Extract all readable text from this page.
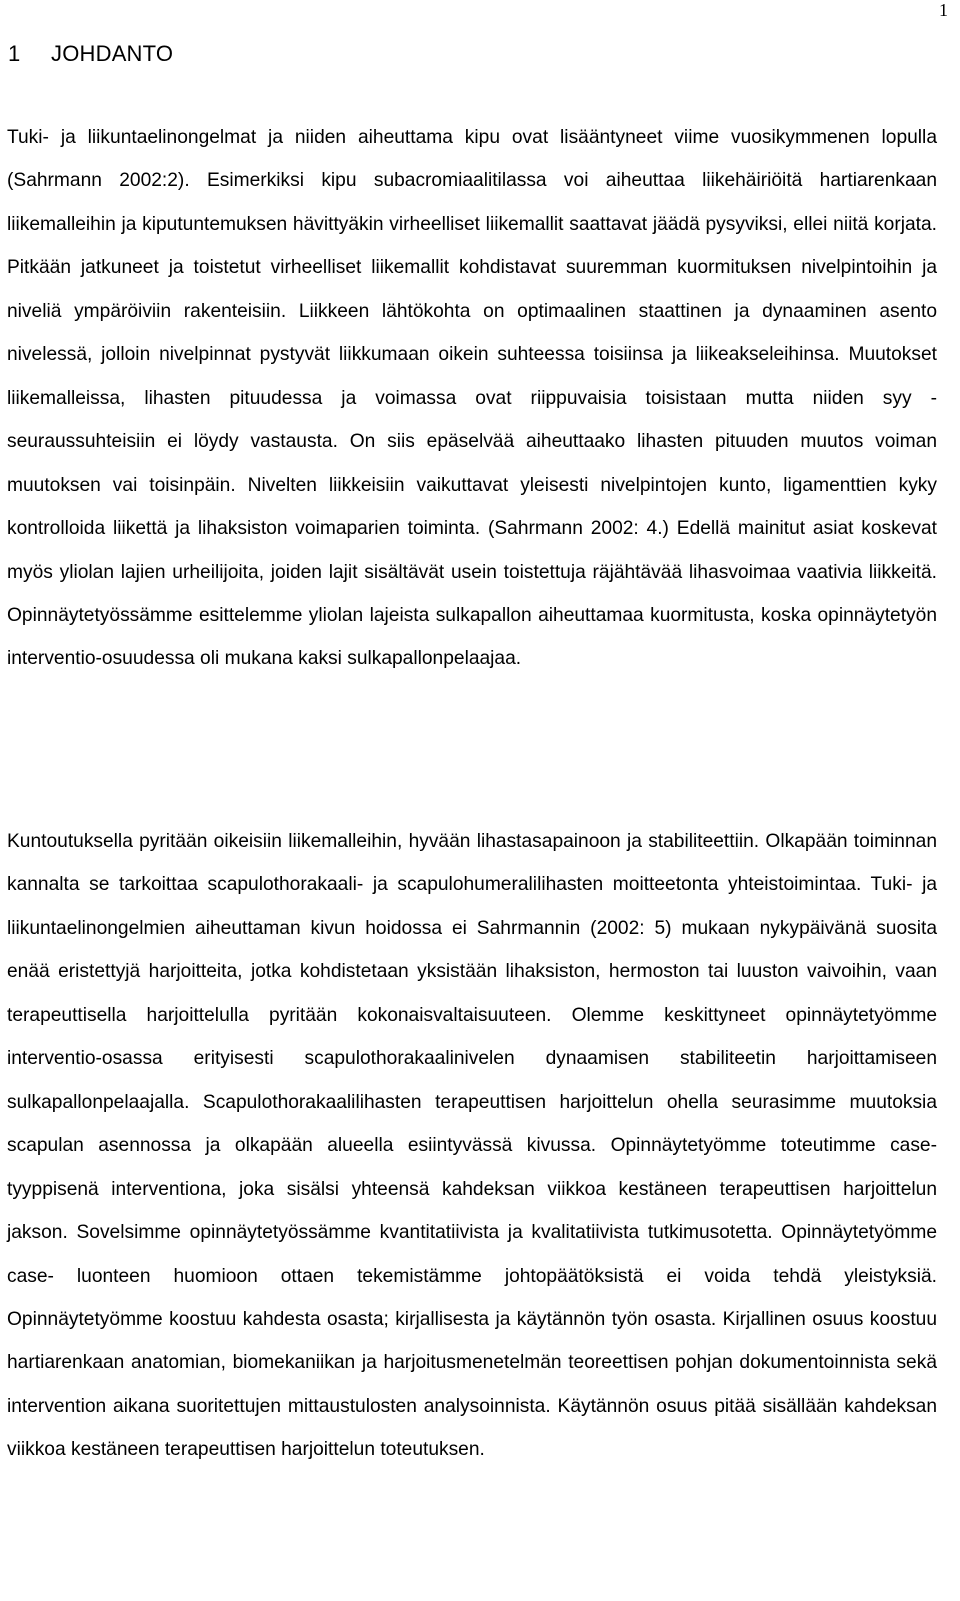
1
1 JOHDANTO

Tuki- ja liikuntaelinongelmat ja niiden aiheuttama kipu ovat lisääntyneet viime vuosikymmenen lopulla (Sahrmann 2002:2). Esimerkiksi kipu subacromiaalitilassa voi aiheuttaa liikehäiriöitä hartiarenkaan liikemalleihin ja kiputuntemuksen hävittyäkin virheelliset liikemallit saattavat jäädä pysyviksi, ellei niitä korjata. Pitkään jatkuneet ja toistetut virheelliset liikemallit kohdistavat suuremman kuormituksen nivelpintoihin ja niveliä ympäröiviin rakenteisiin. Liikkeen lähtökohta on optimaalinen staattinen ja dynaaminen asento nivelessä, jolloin nivelpinnat pystyvät liikkumaan oikein suhteessa toisiinsa ja liikeakseleihinsa. Muutokset liikemalleissa, lihasten pituudessa ja voimassa ovat riippuvaisia toisistaan mutta niiden syy - seuraussuhteisiin ei löydy vastausta. On siis epäselvää aiheuttaako lihasten pituuden muutos voiman muutoksen vai toisinpäin. Nivelten liikkeisiin vaikuttavat yleisesti nivelpintojen kunto, ligamenttien kyky kontrolloida liikettä ja lihaksiston voimaparien toiminta. (Sahrmann 2002: 4.) Edellä mainitut asiat koskevat myös yliolan lajien urheilijoita, joiden lajit sisältävät usein toistettuja räjähtävää lihasvoimaa vaativia liikkeitä. Opinnäytetyössämme esittelemme yliolan lajeista sulkapallon aiheuttamaa kuormitusta, koska opinnäytetyön interventio-osuudessa oli mukana kaksi sulkapallonpelaajaa.

Kuntoutuksella pyritään oikeisiin liikemalleihin, hyvään lihastasapainoon ja stabiliteettiin. Olkapään toiminnan kannalta se tarkoittaa scapulothorakaali- ja scapulohumeralilihasten moitteetonta yhteistoimintaa. Tuki- ja liikuntaelinongelmien aiheuttaman kivun hoidossa ei Sahrmannin (2002: 5) mukaan nykypäivänä suosita enää eristettyjä harjoitteita, jotka kohdistetaan yksistään lihaksiston, hermoston tai luuston vaivoihin, vaan terapeuttisella harjoittelulla pyritään kokonaisvaltaisuuteen. Olemme keskittyneet opinnäytetyömme interventio-osassa erityisesti scapulothorakaalinivelen dynaamisen stabiliteetin harjoittamiseen sulkapallonpelaajalla. Scapulothorakaalilihasten terapeuttisen harjoittelun ohella seurasimme muutoksia scapulan asennossa ja olkapään alueella esiintyvässä kivussa. Opinnäytetyömme toteutimme case- tyyppisenä interventiona, joka sisälsi yhteensä kahdeksan viikkoa kestäneen terapeuttisen harjoittelun jakson. Sovelsimme opinnäytetyössämme kvantitatiivista ja kvalitatiivista tutkimusotetta. Opinnäytetyömme case- luonteen huomioon ottaen tekemistämme johtopäätöksistä ei voida tehdä yleistyksiä. Opinnäytetyömme koostuu kahdesta osasta; kirjallisesta ja käytännön työn osasta. Kirjallinen osuus koostuu hartiarenkaan anatomian, biomekaniikan ja harjoitusmenetelmän teoreettisen pohjan dokumentoinnista sekä intervention aikana suoritettujen mittaustulosten analysoinnista. Käytännön osuus pitää sisällään kahdeksan viikkoa kestäneen terapeuttisen harjoittelun toteutuksen.
